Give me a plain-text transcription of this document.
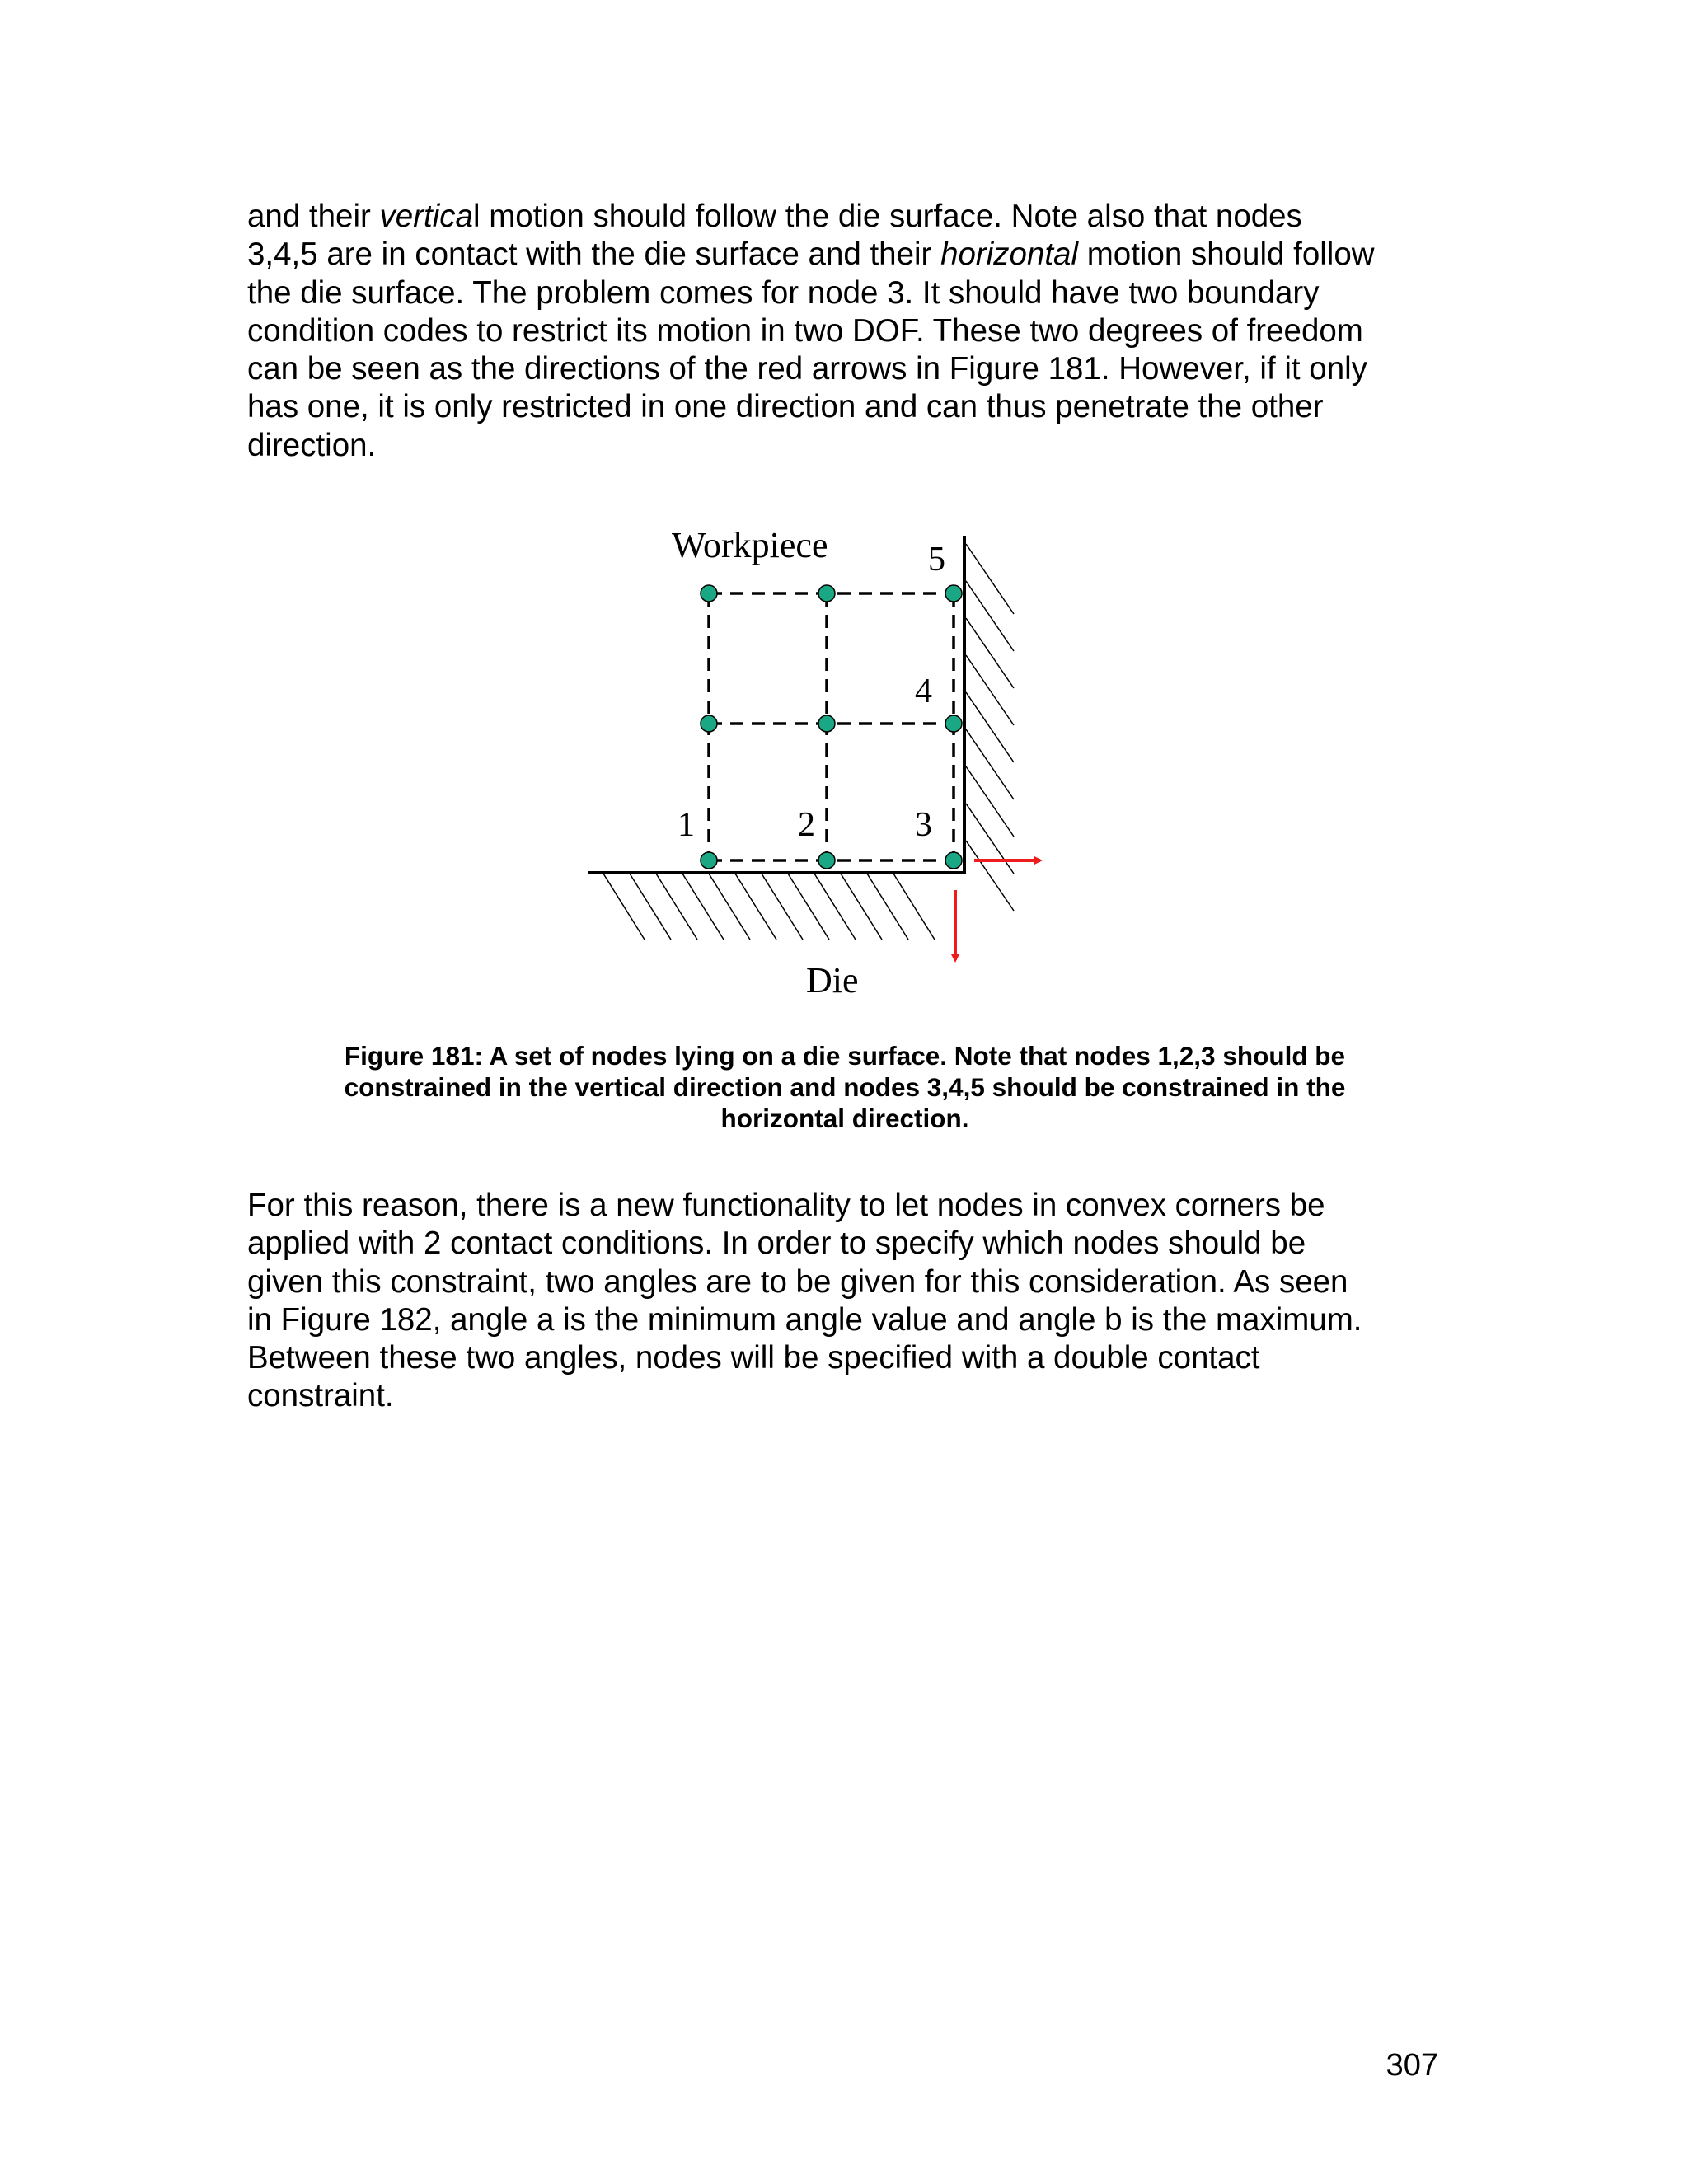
and their vertical motion should follow the die surface. Note also that nodes
3,4,5 are in contact with the die surface and their horizontal motion should follow
the die surface. The problem comes for node 3. It should have two boundary
condition codes to restrict its motion in two DOF. These two degrees of freedom
can be seen as the directions of the red arrows in Figure 181. However, if it only
has one, it is only restricted in one direction and can thus penetrate the other
direction.

Workpiece
Die
1	2	3
4
5

Figure 181: A set of nodes lying on a die surface. Note that nodes 1,2,3 should be
constrained in the vertical direction and nodes 3,4,5 should be constrained in the
horizontal direction.

For this reason, there is a new functionality to let nodes in convex corners be
applied with 2 contact conditions. In order to specify which nodes should be
given this constraint, two angles are to be given for this consideration. As seen
in Figure 182, angle a is the minimum angle value and angle b is the maximum.
Between these two angles, nodes will be specified with a double contact
constraint.

307
